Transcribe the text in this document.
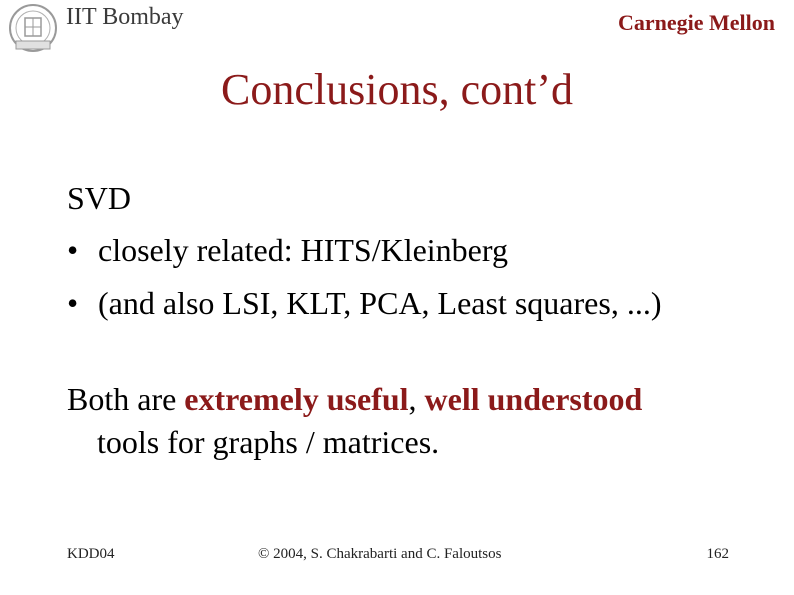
IIT Bombay	Carnegie Mellon
Conclusions, cont’d
SVD
• closely related: HITS/Kleinberg
• (and also LSI, KLT, PCA, Least squares, ...)
Both are extremely useful, well understood
tools for graphs / matrices.
KDD04	© 2004, S. Chakrabarti and C. Faloutsos	162
